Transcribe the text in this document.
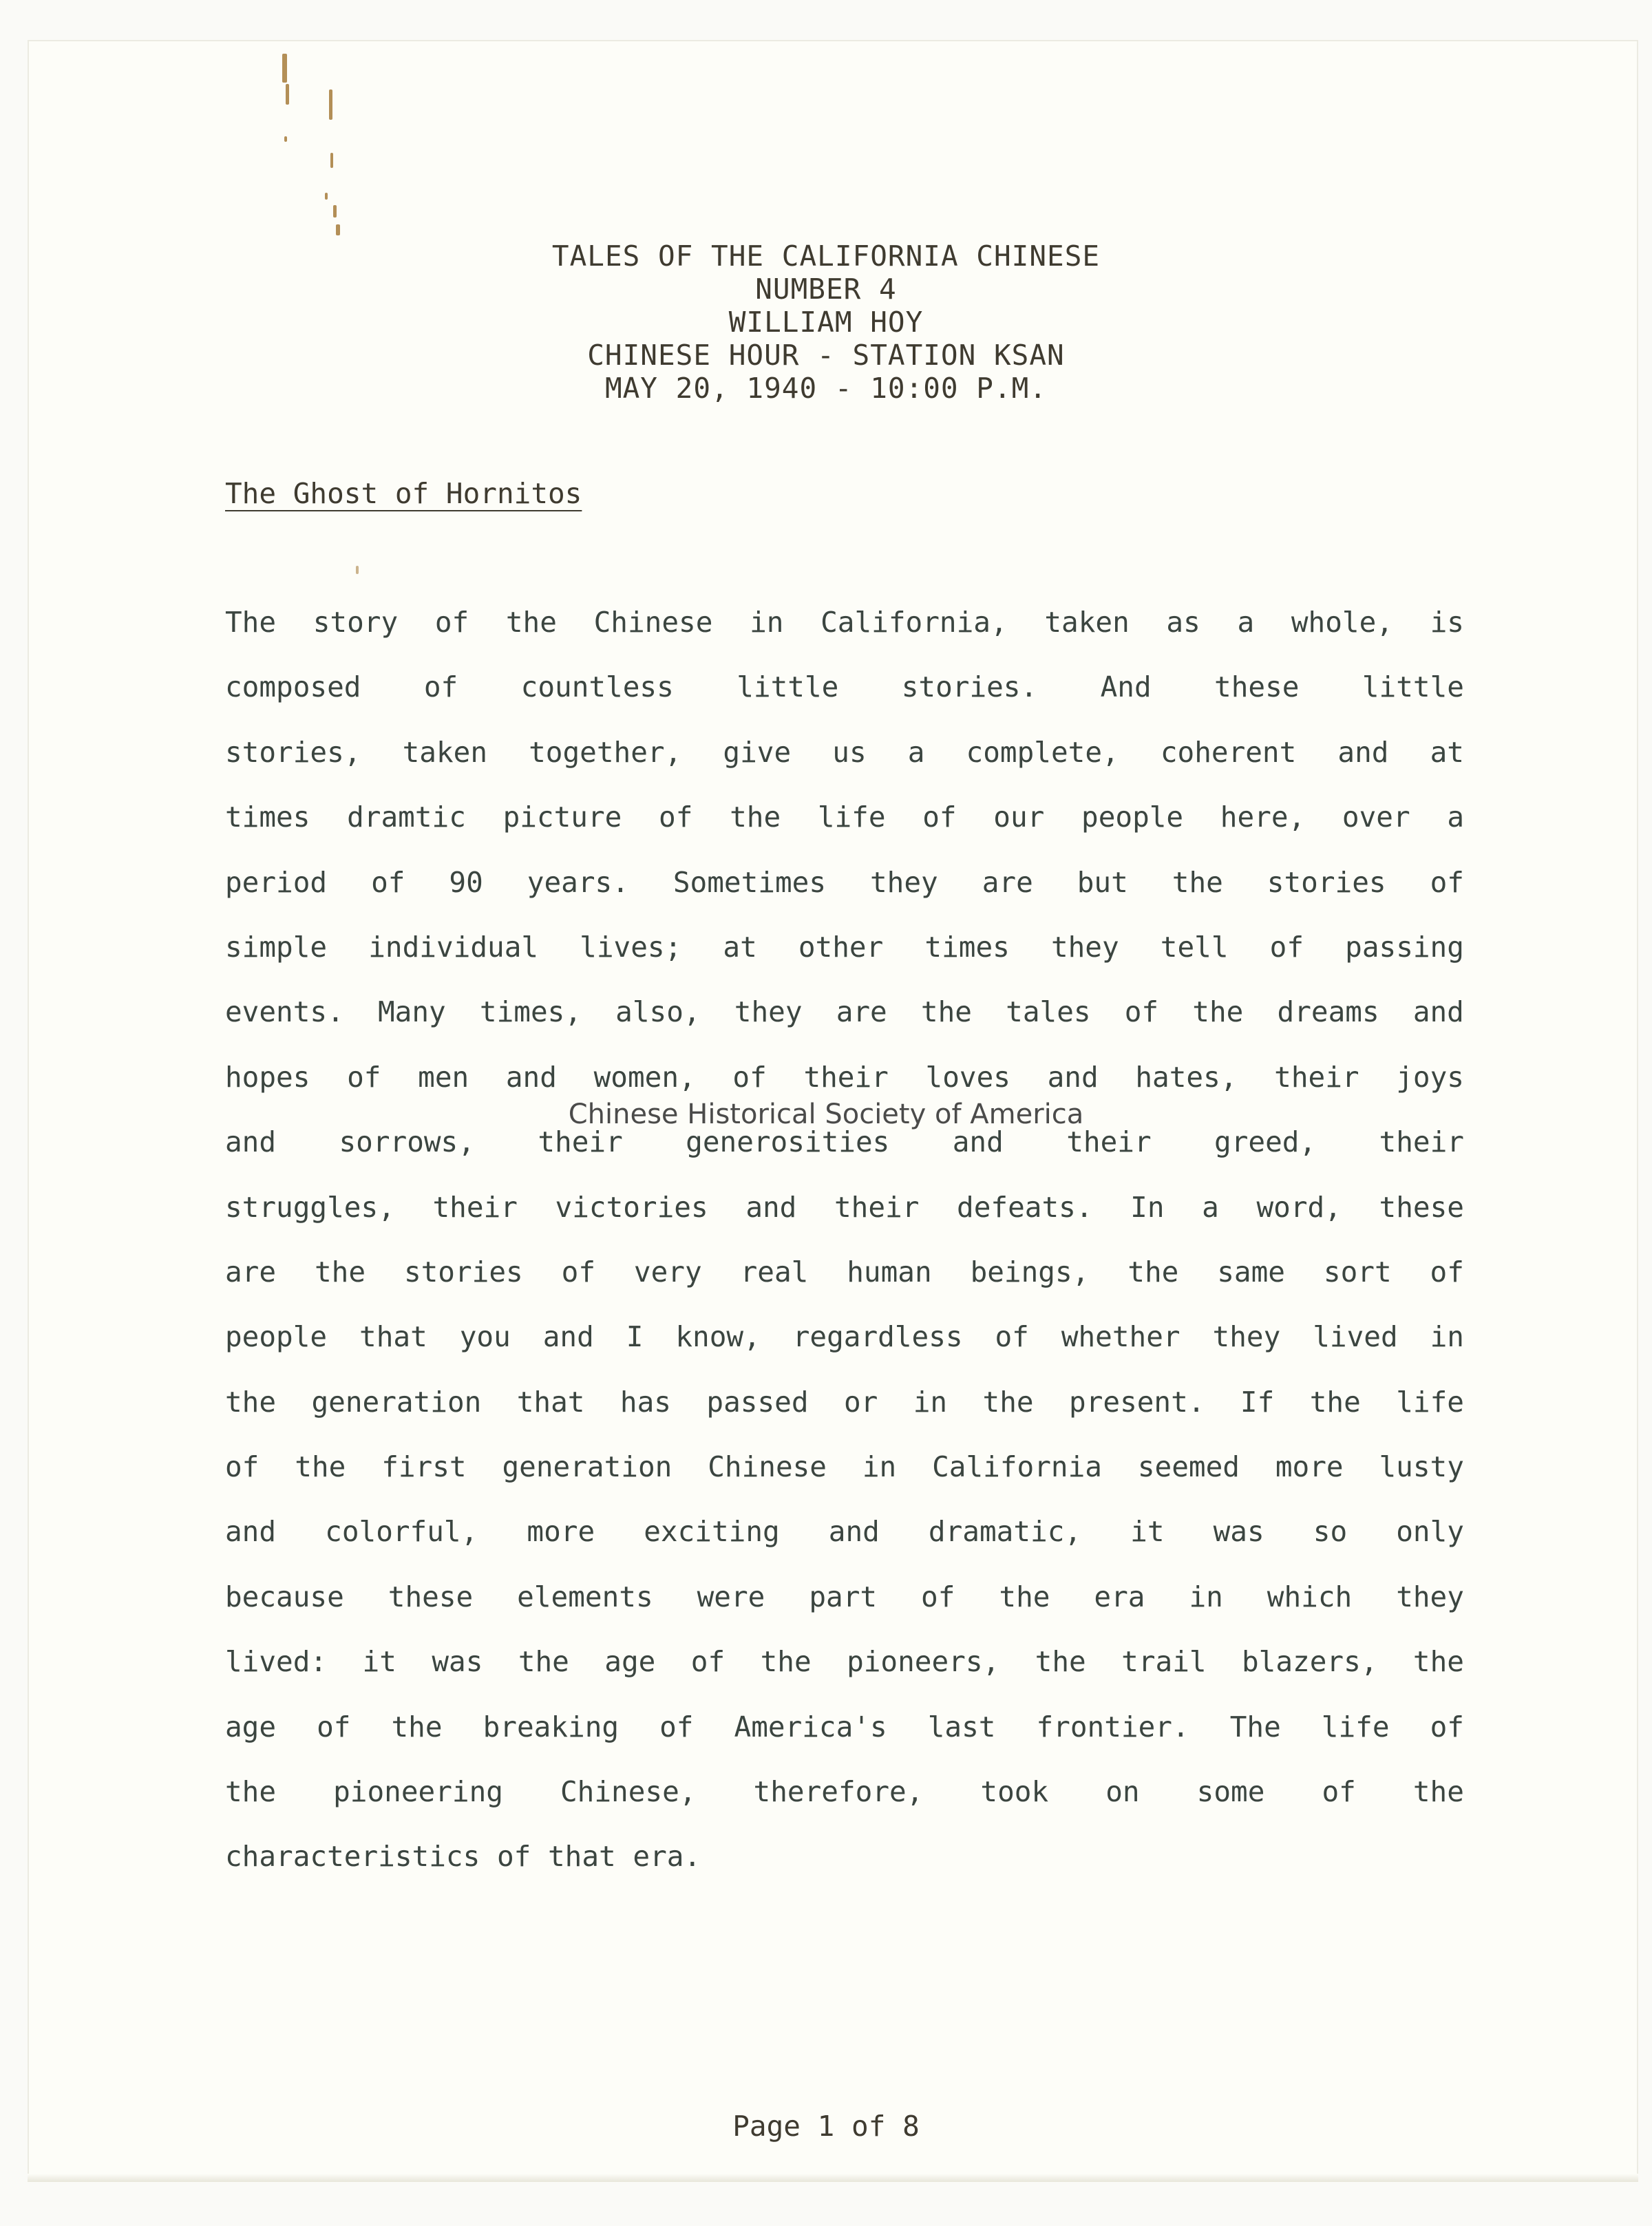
TALES OF THE CALIFORNIA CHINESE
NUMBER 4
WILLIAM HOY
CHINESE HOUR - STATION KSAN
MAY 20, 1940 - 10:00 P.M.
The Ghost of Hornitos
The story of the Chinese in California, taken as a whole, is
composed of countless little stories. And these little
stories, taken together, give us a complete, coherent and at
times dramtic picture of the life of our people here, over a
period of 90 years. Sometimes they are but the stories of
simple individual lives; at other times they tell of passing
events. Many times, also, they are the tales of the dreams and
hopes of men and women, of their loves and hates, their joys
and sorrows, their generosities and their greed, their
struggles, their victories and their defeats. In a word, these
are the stories of very real human beings, the same sort of
people that you and I know, regardless of whether they lived in
the generation that has passed or in the present. If the life
of the first generation Chinese in California seemed more lusty
and colorful, more exciting and dramatic, it was so only
because these elements were part of the era in which they
lived: it was the age of the pioneers, the trail blazers, the
age of the breaking of America's last frontier. The life of
the pioneering Chinese, therefore, took on some of the
characteristics of that era.
Chinese Historical Society of America
Page 1 of 8
